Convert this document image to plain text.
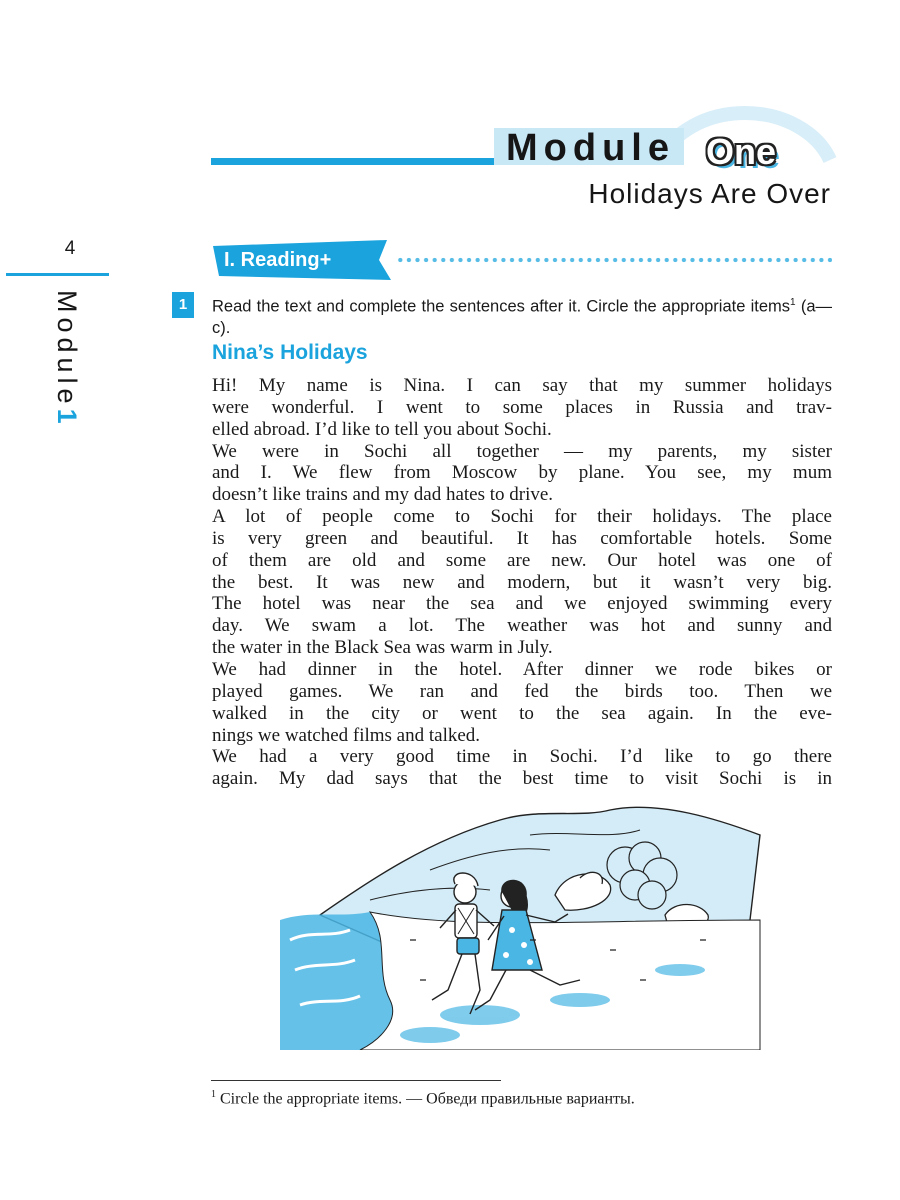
Module One
Holidays Are Over
4
Module1
I. Reading+
1	Read the text and complete the sentences after it. Circle the appropriate items$^1$ (a—c).
Nina’s Holidays
Hi! My name is Nina. I can say that my summer holidays
were wonderful. I went to some places in Russia and trav-
elled abroad. I’d like to tell you about Sochi.
We were in Sochi all together — my parents, my sister
and I. We flew from Moscow by plane. You see, my mum
doesn’t like trains and my dad hates to drive.
A lot of people come to Sochi for their holidays. The place
is very green and beautiful. It has comfortable hotels. Some
of them are old and some are new. Our hotel was one of
the best. It was new and modern, but it wasn’t very big.
The hotel was near the sea and we enjoyed swimming every
day. We swam a lot. The weather was hot and sunny and
the water in the Black Sea was warm in July.
We had dinner in the hotel. After dinner we rode bikes or
played games. We ran and fed the birds too. Then we
walked in the city or went to the sea again. In the eve-
nings we watched films and talked.
We had a very good time in Sochi. I’d like to go there
again. My dad says that the best time to visit Sochi is in
$^1$ Circle the appropriate items. — Обведи правильные варианты.
